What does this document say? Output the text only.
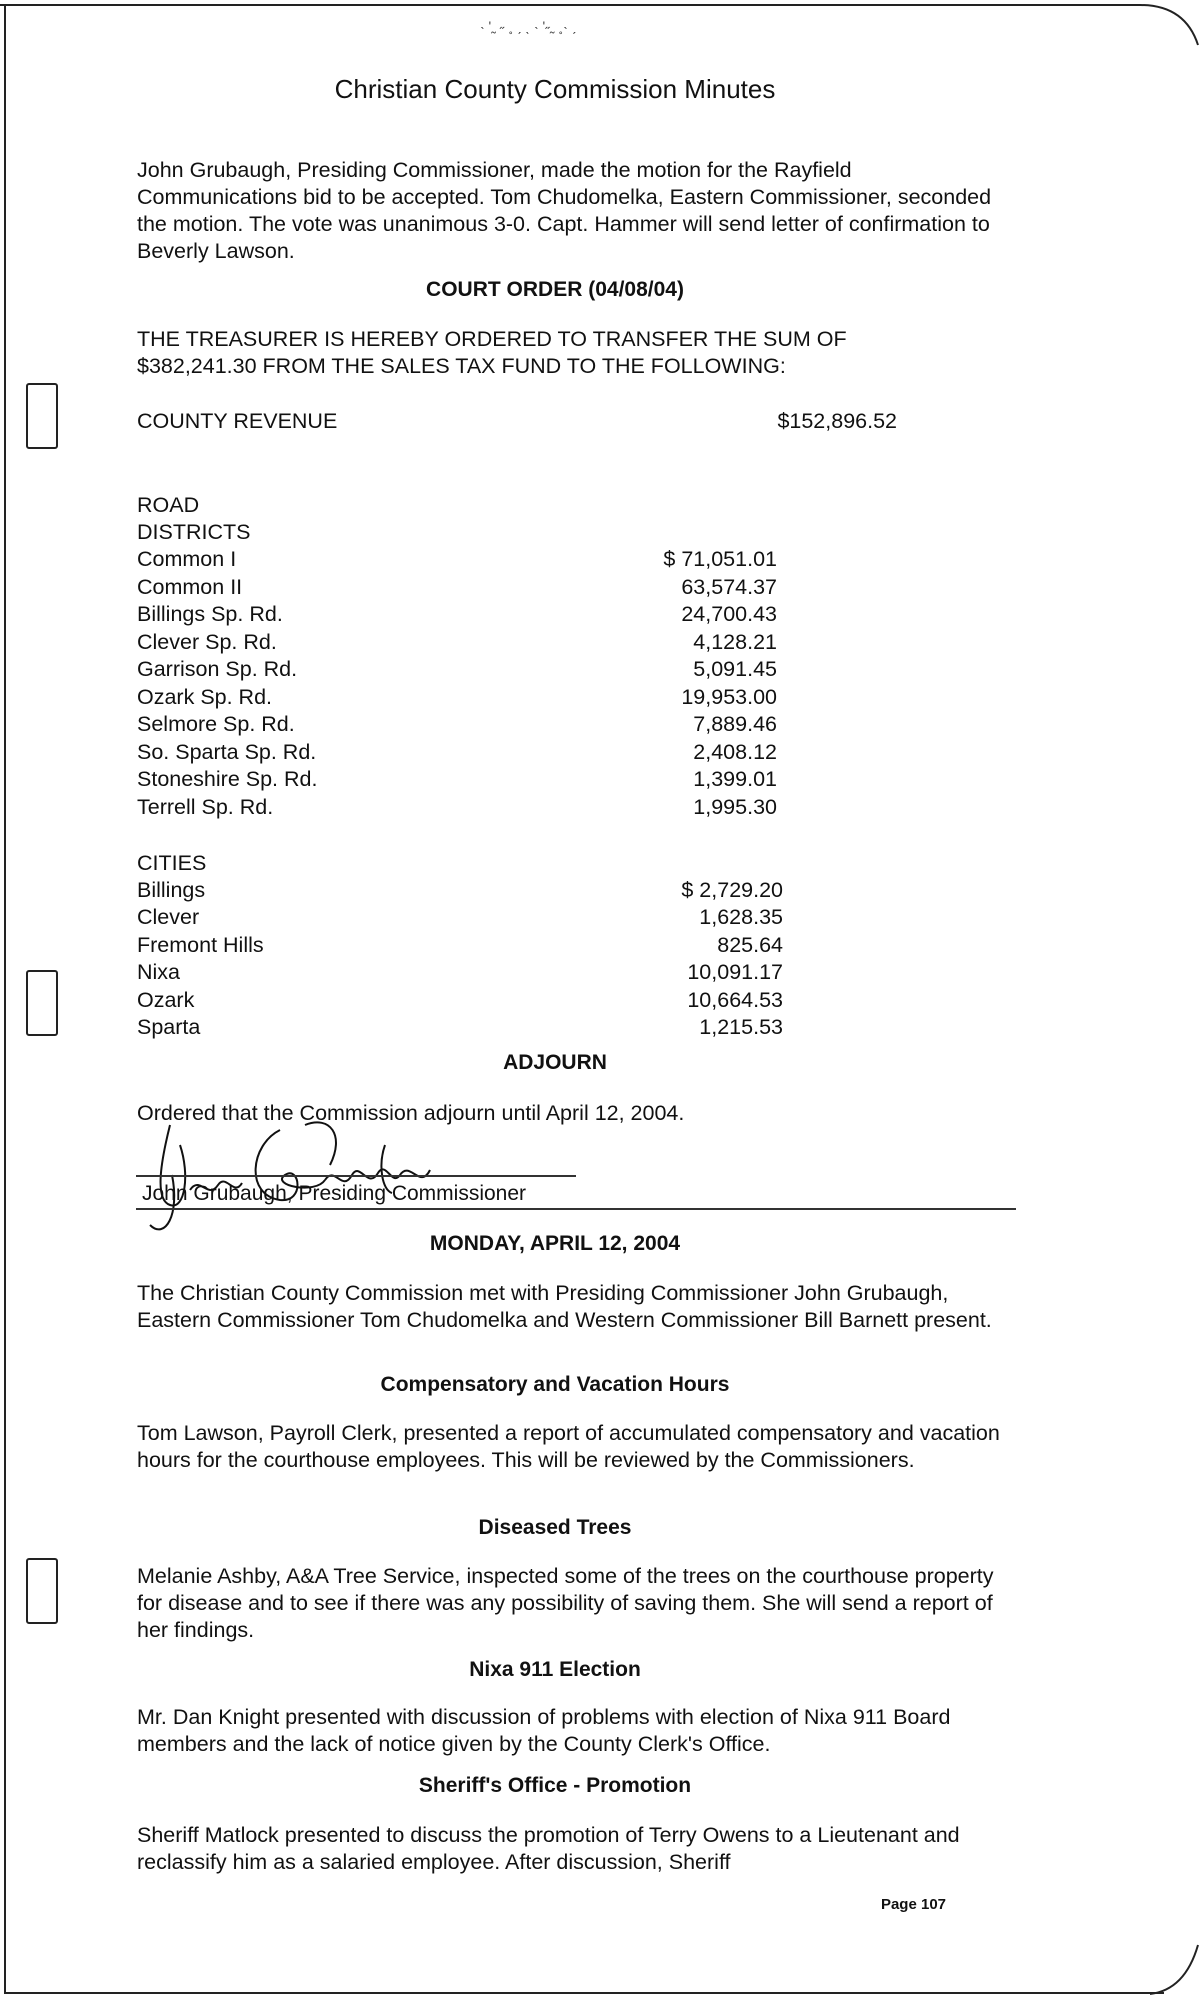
˴ ʹ˷ ˶ ˳ ˏ ˎ ˴ ʹ˶˷ ˳˴ ˏ
Christian County Commission Minutes
John Grubaugh, Presiding Commissioner, made the motion for the Rayfield Communications bid to be accepted. Tom Chudomelka, Eastern Commissioner, seconded the motion. The vote was unanimous 3-0. Capt. Hammer will send letter of confirmation to Beverly Lawson.
COURT ORDER (04/08/04)
THE TREASURER IS HEREBY ORDERED TO TRANSFER THE SUM OF $382,241.30 FROM THE SALES TAX FUND TO THE FOLLOWING:
COUNTY REVENUE	$152,896.52
ROAD
DISTRICTS
Common I	$ 71,051.01
Common II	63,574.37
Billings Sp. Rd.	24,700.43
Clever Sp. Rd.	4,128.21
Garrison Sp. Rd.	5,091.45
Ozark Sp. Rd.	19,953.00
Selmore Sp. Rd.	7,889.46
So. Sparta Sp. Rd.	2,408.12
Stoneshire Sp. Rd.	1,399.01
Terrell Sp. Rd.	1,995.30
CITIES
Billings	$ 2,729.20
Clever	1,628.35
Fremont Hills	825.64
Nixa	10,091.17
Ozark	10,664.53
Sparta	1,215.53
ADJOURN
Ordered that the Commission adjourn until April 12, 2004.
John Grubaugh, Presiding Commissioner
MONDAY, APRIL 12, 2004
The Christian County Commission met with Presiding Commissioner John Grubaugh, Eastern Commissioner Tom Chudomelka and Western Commissioner Bill Barnett present.
Compensatory and Vacation Hours
Tom Lawson, Payroll Clerk, presented a report of accumulated compensatory and vacation hours for the courthouse employees. This will be reviewed by the Commissioners.
Diseased Trees
Melanie Ashby, A&A Tree Service, inspected some of the trees on the courthouse property for disease and to see if there was any possibility of saving them. She will send a report of her findings.
Nixa 911 Election
Mr. Dan Knight presented with discussion of problems with election of Nixa 911 Board members and the lack of notice given by the County Clerk's Office.
Sheriff's Office - Promotion
Sheriff Matlock presented to discuss the promotion of Terry Owens to a Lieutenant and reclassify him as a salaried employee. After discussion, Sheriff
Page 107
